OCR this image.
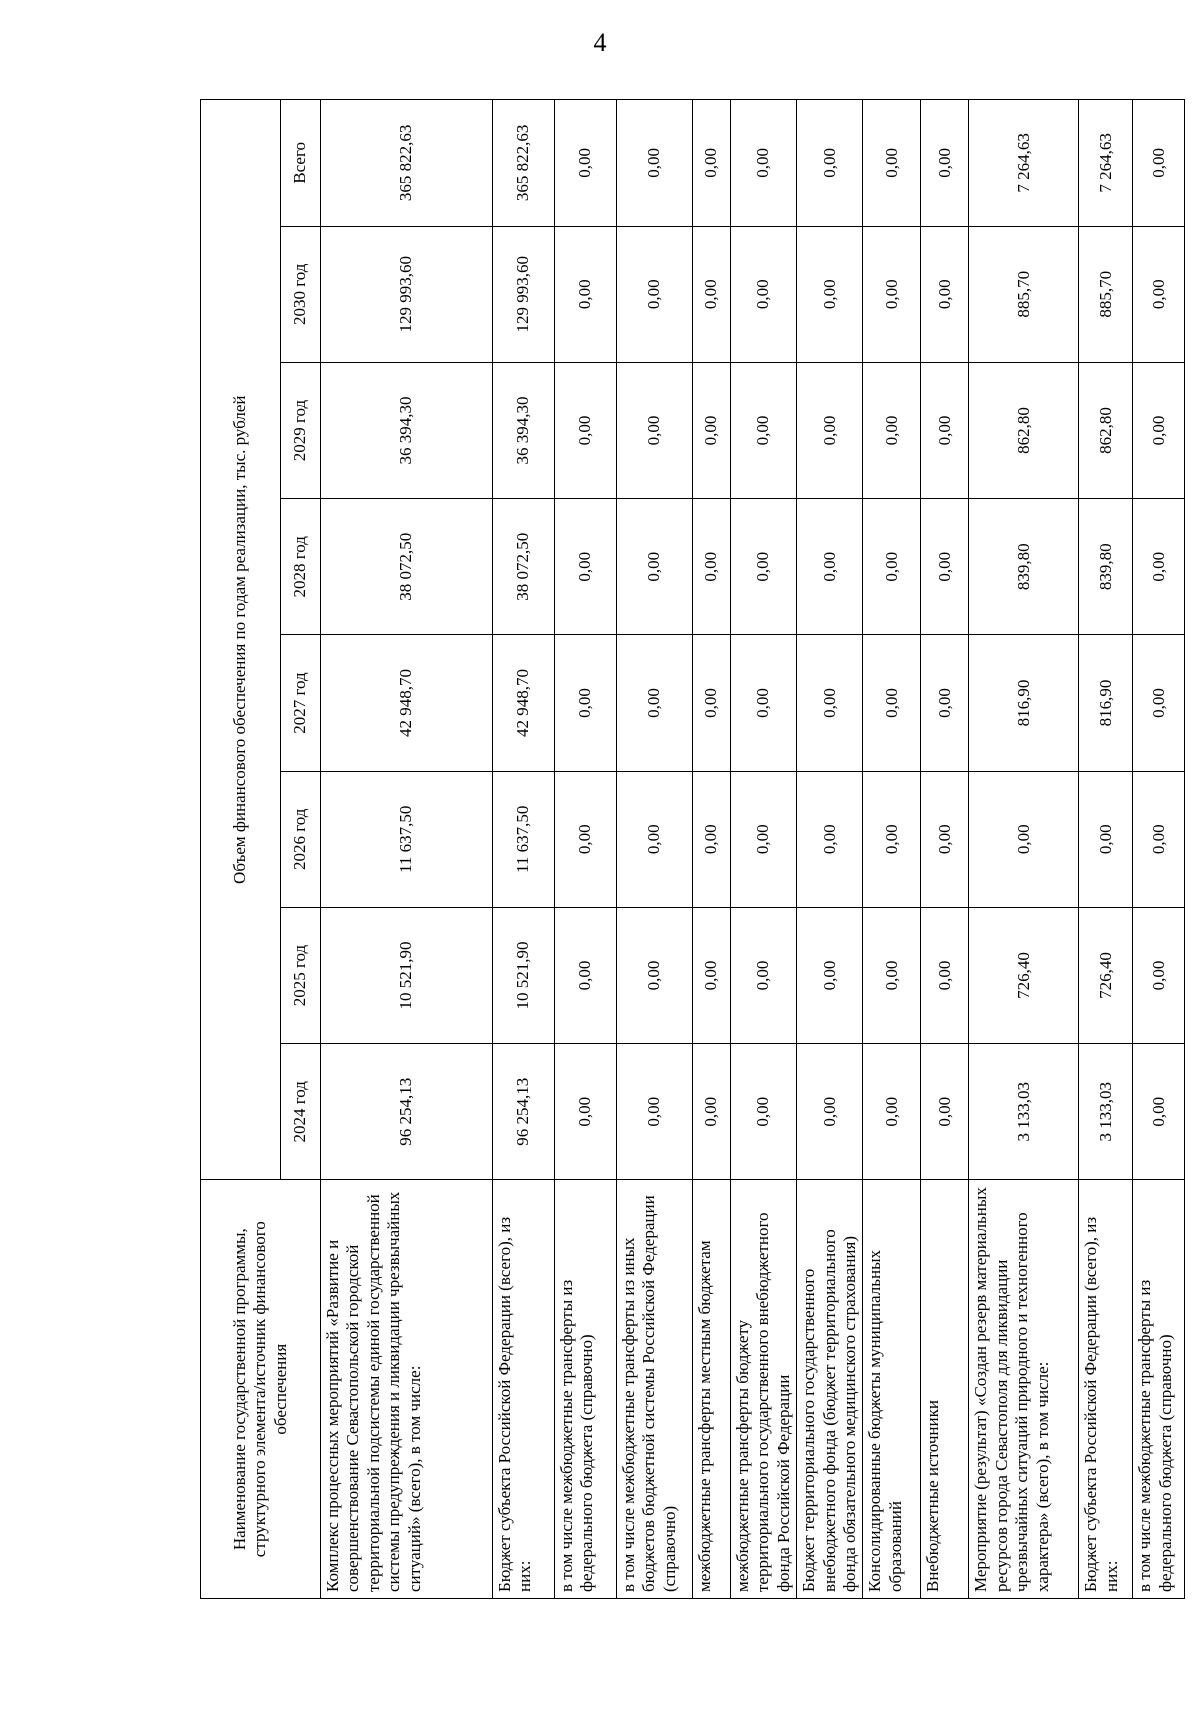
4
Наименование государственной программы, структурного элемента/источник финансового обеспечения	Объем финансового обеспечения по годам реализации, тыс. рублей							
	2024 год	2025 год	2026 год	2027 год	2028 год	2029 год	2030 год	Всего
Комплекс процессных мероприятий «Развитие и совершенствование Севастопольской городской территориальной подсистемы единой государственной системы предупреждения и ликвидации чрезвычайных ситуаций» (всего), в том числе:	96 254,13	10 521,90	11 637,50	42 948,70	38 072,50	36 394,30	129 993,60	365 822,63
Бюджет субъекта Российской Федерации (всего), из них:	96 254,13	10 521,90	11 637,50	42 948,70	38 072,50	36 394,30	129 993,60	365 822,63
в том числе межбюджетные трансферты из федерального бюджета (справочно)	0,00	0,00	0,00	0,00	0,00	0,00	0,00	0,00
в том числе межбюджетные трансферты из иных бюджетов бюджетной системы Российской Федерации (справочно)	0,00	0,00	0,00	0,00	0,00	0,00	0,00	0,00
межбюджетные трансферты местным бюджетам	0,00	0,00	0,00	0,00	0,00	0,00	0,00	0,00
межбюджетные трансферты бюджету территориального государственного внебюджетного фонда Российской Федерации	0,00	0,00	0,00	0,00	0,00	0,00	0,00	0,00
Бюджет территориального государственного внебюджетного фонда (бюджет территориального фонда обязательного медицинского страхования)	0,00	0,00	0,00	0,00	0,00	0,00	0,00	0,00
Консолидированные бюджеты муниципальных образований	0,00	0,00	0,00	0,00	0,00	0,00	0,00	0,00
Внебюджетные источники	0,00	0,00	0,00	0,00	0,00	0,00	0,00	0,00
Мероприятие (результат) «Создан резерв материальных ресурсов города Севастополя для ликвидации чрезвычайных ситуаций природного и техногенного характера» (всего), в том числе:	3 133,03	726,40	0,00	816,90	839,80	862,80	885,70	7 264,63
Бюджет субъекта Российской Федерации (всего), из них:	3 133,03	726,40	0,00	816,90	839,80	862,80	885,70	7 264,63
в том числе межбюджетные трансферты из федерального бюджета (справочно)	0,00	0,00	0,00	0,00	0,00	0,00	0,00	0,00
